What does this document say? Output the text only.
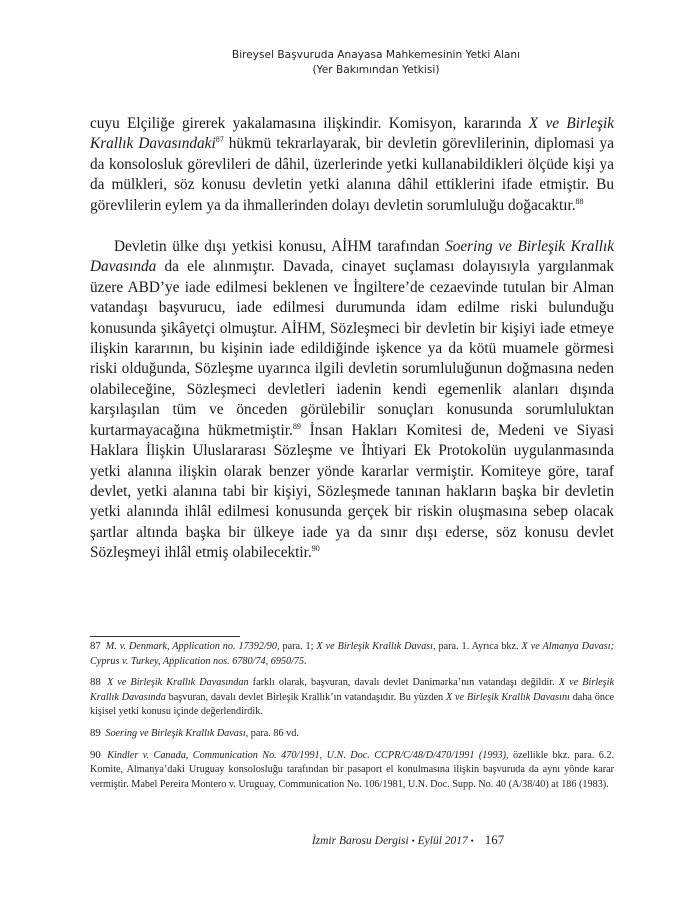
Bireysel Başvuruda Anayasa Mahkemesinin Yetki Alanı
(Yer Bakımından Yetkisi)

cuyu Elçiliğe girerek yakalamasına ilişkindir. Komisyon, kararında X ve Birleşik Krallık Davasındaki$^{87}$ hükmü tekrarlayarak, bir devletin görevlilerinin, diplomasi ya da konsolosluk görevlileri de dâhil, üzerlerinde yetki kullanabildikleri ölçüde kişi ya da mülkleri, söz konusu devletin yetki alanına dâhil ettiklerini ifade etmiştir. Bu görevlilerin eylem ya da ihmallerinden dolayı devletin sorumluluğu doğacaktır.$^{88}$

Devletin ülke dışı yetkisi konusu, AİHM tarafından Soering ve Birleşik Krallık Davasında da ele alınmıştır. Davada, cinayet suçlaması dolayısıyla yargılanmak üzere ABD’ye iade edilmesi beklenen ve İngiltere’de cezaevinde tutulan bir Alman vatandaşı başvurucu, iade edilmesi durumunda idam edilme riski bulunduğu konusunda şikâyetçi olmuştur. AİHM, Sözleşmeci bir devletin bir kişiyi iade etmeye ilişkin kararının, bu kişinin iade edildiğinde işkence ya da kötü muamele görmesi riski olduğunda, Sözleşme uyarınca ilgili devletin sorumluluğunun doğmasına neden olabileceğine, Sözleşmeci devletleri iadenin kendi egemenlik alanları dışında karşılaşılan tüm ve önceden görülebilir sonuçları konusunda sorumluluktan kurtarmayacağına hükmetmiştir.$^{89}$ İnsan Hakları Komitesi de, Medeni ve Siyasi Haklara İlişkin Uluslararası Sözleşme ve İhtiyari Ek Protokolün uygulanmasında yetki alanına ilişkin olarak benzer yönde kararlar vermiştir. Komiteye göre, taraf devlet, yetki alanına tabi bir kişiyi, Sözleşmede tanınan hakların başka bir devletin yetki alanında ihlâl edilmesi konusunda gerçek bir riskin oluşmasına sebep olacak şartlar altında başka bir ülkeye iade ya da sınır dışı ederse, söz konusu devlet Sözleşmeyi ihlâl etmiş olabilecektir.$^{90}$

87 M. v. Denmark, Application no. 17392/90, para. 1; X ve Birleşik Krallık Davası, para. 1. Ayrıca bkz. X ve Almanya Davası; Cyprus v. Turkey, Application nos. 6780/74, 6950/75.

88 X ve Birleşik Krallık Davasından farklı olarak, başvuran, davalı devlet Danimarka’nın vatandaşı değildir. X ve Birleşik Krallık Davasında başvuran, davalı devlet Birleşik Krallık’ın vatandaşıdır. Bu yüzden X ve Birleşik Krallık Davasını daha önce kişisel yetki konusu içinde değerlendirdik.

89 Soering ve Birleşik Krallık Davası, para. 86 vd.

90 Kindler v. Canada, Communication No. 470/1991, U.N. Doc. CCPR/C/48/D/470/1991 (1993), özellikle bkz. para. 6.2. Komite, Almanya’daki Uruguay konsolosluğu tarafından bir pasaport el konulmasına ilişkin başvuruda da aynı yönde karar vermiştir. Mabel Pereira Montero v. Uruguay, Communication No. 106/1981, U.N. Doc. Supp. No. 40 (A/38/40) at 186 (1983).

İzmir Barosu Dergisi • Eylül 2017 • 167
